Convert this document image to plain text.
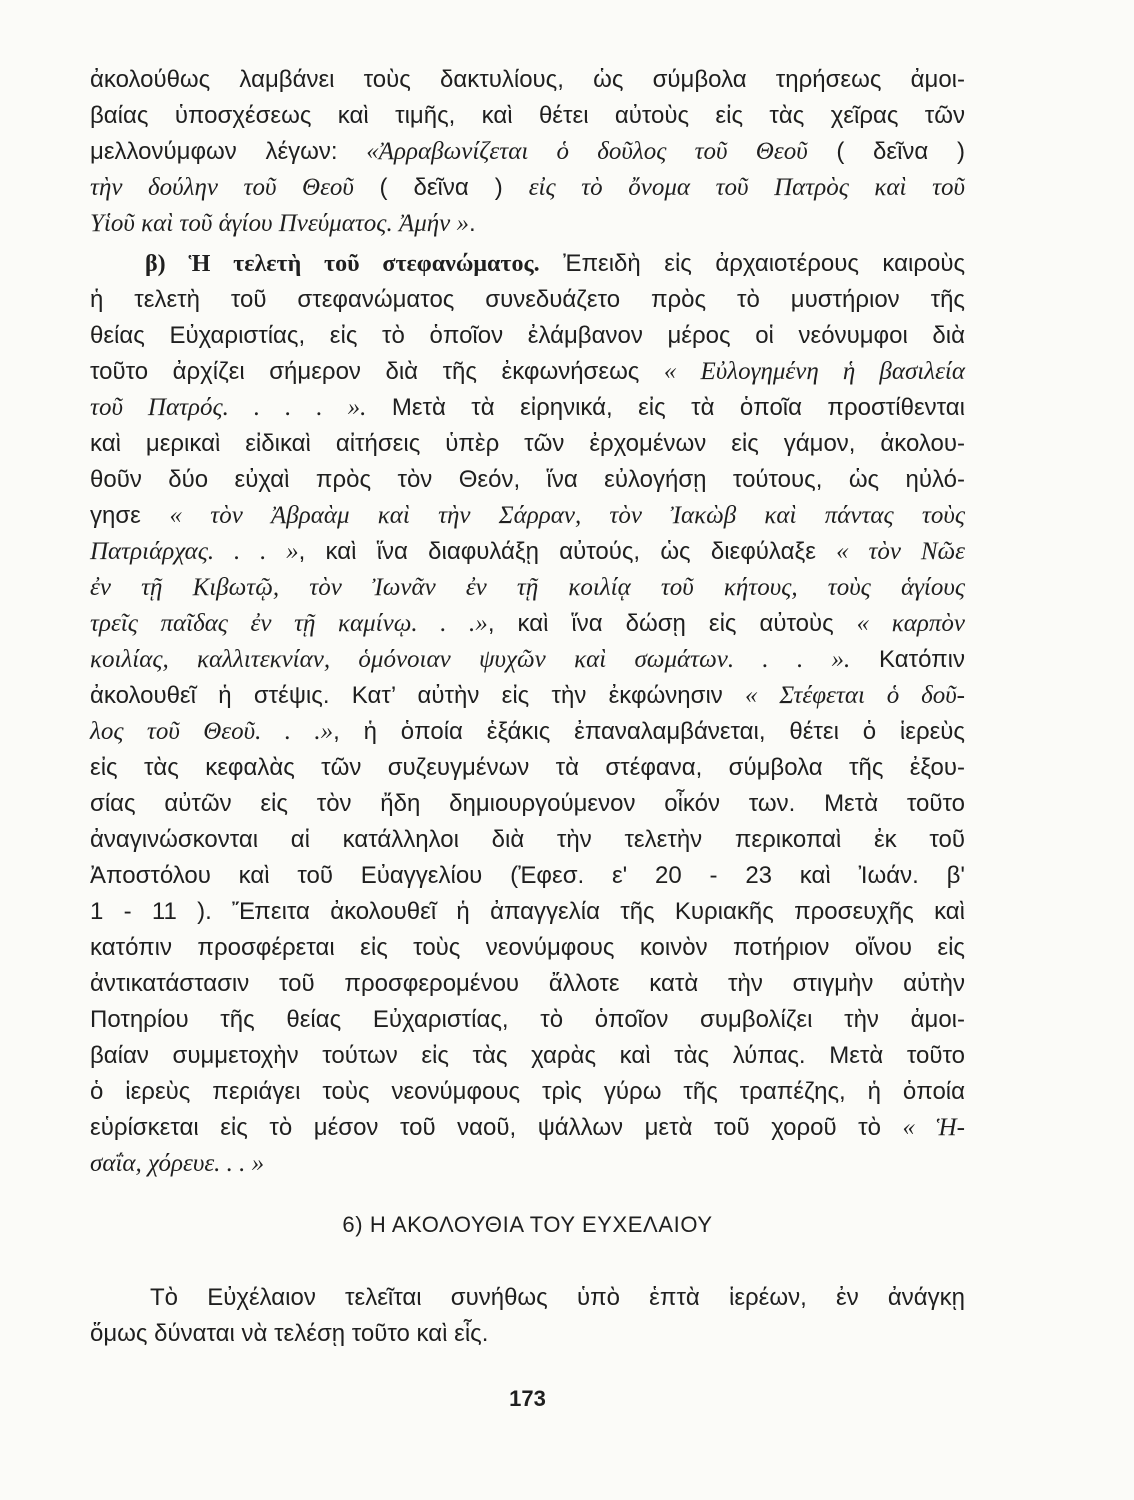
ἀκολούθως λαμβάνει τοὺς δακτυλίους, ὡς σύμβολα τηρήσεως ἀμοι-
βαίας ὑποσχέσεως καὶ τιμῆς, καὶ θέτει αὐτοὺς εἰς τὰς χεῖρας τῶν
μελλονύμφων λέγων: «Ἀρραβωνίζεται ὁ δοῦλος τοῦ Θεοῦ ( δεῖνα )
τὴν δούλην τοῦ Θεοῦ ( δεῖνα ) εἰς τὸ ὄνομα τοῦ Πατρὸς καὶ τοῦ
Υἱοῦ καὶ τοῦ ἁγίου Πνεύματος. Ἀμήν ».
β) Ἡ τελετὴ τοῦ στεφανώματος. Ἐπειδὴ εἰς ἀρχαιοτέρους καιροὺς
ἡ τελετὴ τοῦ στεφανώματος συνεδυάζετο πρὸς τὸ μυστήριον τῆς
θείας Εὐχαριστίας, εἰς τὸ ὁποῖον ἐλάμβανον μέρος οἱ νεόνυμφοι διὰ
τοῦτο ἀρχίζει σήμερον διὰ τῆς ἐκφωνήσεως « Εὐλογημένη ἡ βασιλεία
τοῦ Πατρός. . . . ». Μετὰ τὰ εἰρηνικά, εἰς τὰ ὁποῖα προστίθενται
καὶ μερικαὶ εἰδικαὶ αἰτήσεις ὑπὲρ τῶν ἐρχομένων εἰς γάμον, ἀκολου-
θοῦν δύο εὐχαὶ πρὸς τὸν Θεόν, ἵνα εὐλογήσῃ τούτους, ὡς ηὐλό-
γησε « τὸν Ἀβραὰμ καὶ τὴν Σάρραν, τὸν Ἰακὼβ καὶ πάντας τοὺς
Πατριάρχας. . . », καὶ ἵνα διαφυλάξῃ αὐτούς, ὡς διεφύλαξε « τὸν Νῶε
ἐν τῇ Κιβωτῷ, τὸν Ἰωνᾶν ἐν τῇ κοιλίᾳ τοῦ κήτους, τοὺς ἁγίους
τρεῖς παῖδας ἐν τῇ καμίνῳ. . .», καὶ ἵνα δώσῃ εἰς αὐτοὺς « καρπὸν
κοιλίας, καλλιτεκνίαν, ὁμόνοιαν ψυχῶν καὶ σωμάτων. . . ». Κατόπιν
ἀκολουθεῖ ἡ στέψις. Κατ’ αὐτὴν εἰς τὴν ἐκφώνησιν « Στέφεται ὁ δοῦ-
λος τοῦ Θεοῦ. . .», ἡ ὁποία ἑξάκις ἐπαναλαμβάνεται, θέτει ὁ ἱερεὺς
εἰς τὰς κεφαλὰς τῶν συζευγμένων τὰ στέφανα, σύμβολα τῆς ἐξου-
σίας αὐτῶν εἰς τὸν ἤδη δημιουργούμενον οἶκόν των. Μετὰ τοῦτο
ἀναγινώσκονται αἱ κατάλληλοι διὰ τὴν τελετὴν περικοπαὶ ἐκ τοῦ
Ἀποστόλου καὶ τοῦ Εὐαγγελίου (Ἐφεσ. ε' 20 - 23 καὶ Ἰωάν. β'
1 - 11 ). Ἔπειτα ἀκολουθεῖ ἡ ἀπαγγελία τῆς Κυριακῆς προσευχῆς καὶ
κατόπιν προσφέρεται εἰς τοὺς νεονύμφους κοινὸν ποτήριον οἴνου εἰς
ἀντικατάστασιν τοῦ προσφερομένου ἄλλοτε κατὰ τὴν στιγμὴν αὐτὴν
Ποτηρίου τῆς θείας Εὐχαριστίας, τὸ ὁποῖον συμβολίζει τὴν ἀμοι-
βαίαν συμμετοχὴν τούτων εἰς τὰς χαρὰς καὶ τὰς λύπας. Μετὰ τοῦτο
ὁ ἱερεὺς περιάγει τοὺς νεονύμφους τρὶς γύρω τῆς τραπέζης, ἡ ὁποία
εὑρίσκεται εἰς τὸ μέσον τοῦ ναοῦ, ψάλλων μετὰ τοῦ χοροῦ τὸ « Ἡ-
σαΐα, χόρευε. . . »
6) Η ΑΚΟΛΟΥΘΙΑ ΤΟΥ ΕΥΧΕΛΑΙΟΥ
Τὸ Εὐχέλαιον τελεῖται συνήθως ὑπὸ ἑπτὰ ἱερέων, ἐν ἀνάγκῃ
ὅμως δύναται νὰ τελέσῃ τοῦτο καὶ εἷς.
173
